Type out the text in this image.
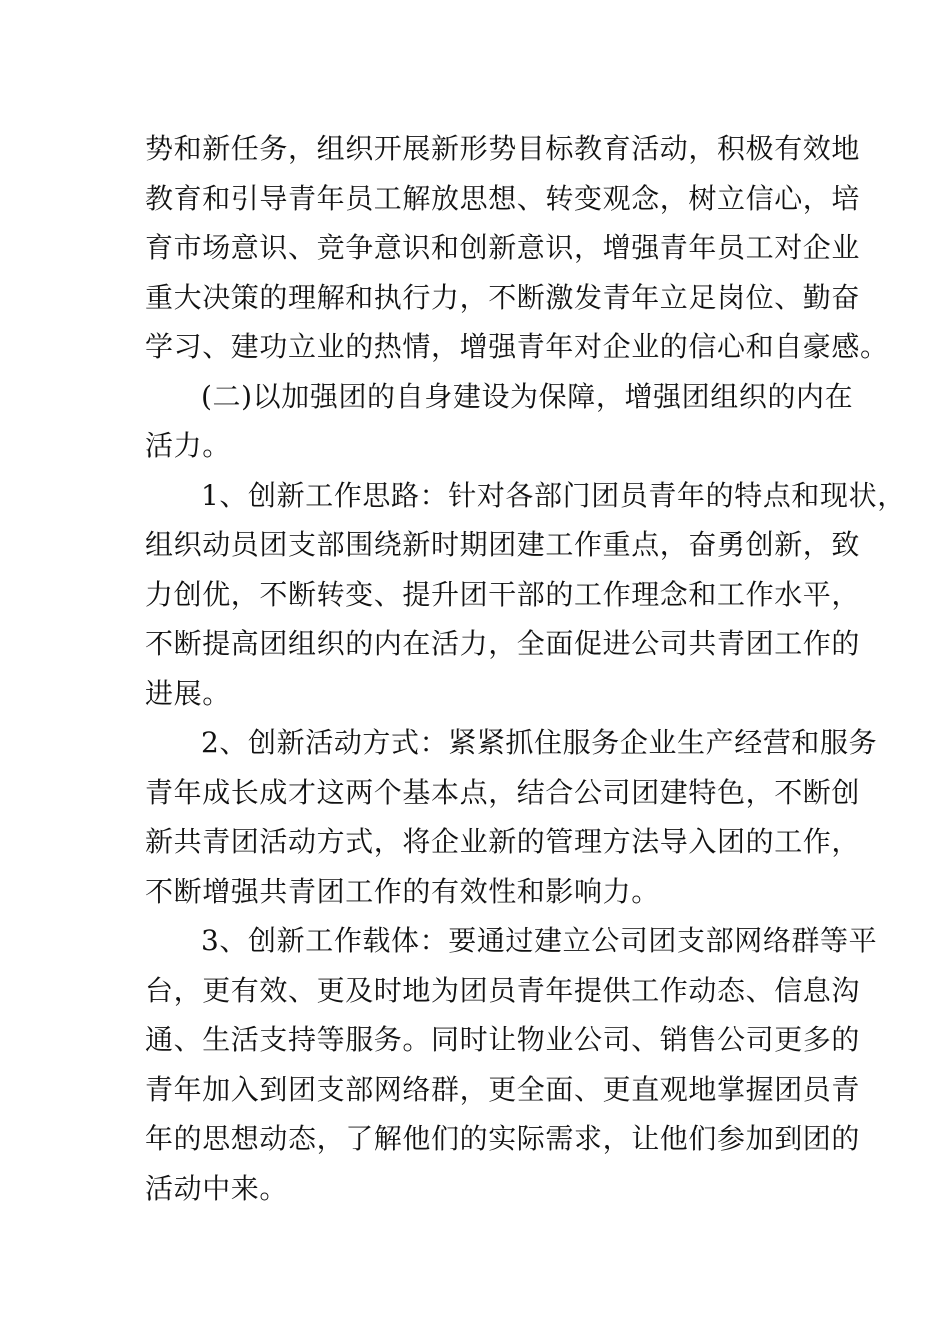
势和新任务，组织开展新形势目标教育活动，积极有效地
教育和引导青年员工解放思想、转变观念，树立信心，培
育市场意识、竞争意识和创新意识，增强青年员工对企业
重大决策的理解和执行力，不断激发青年立足岗位、勤奋
学习、建功立业的热情，增强青年对企业的信心和自豪感。
(二)以加强团的自身建设为保障，增强团组织的内在
活力。
1、创新工作思路：针对各部门团员青年的特点和现状，
组织动员团支部围绕新时期团建工作重点，奋勇创新，致
力创优，不断转变、提升团干部的工作理念和工作水平，
不断提高团组织的内在活力，全面促进公司共青团工作的
进展。
2、创新活动方式：紧紧抓住服务企业生产经营和服务
青年成长成才这两个基本点，结合公司团建特色，不断创
新共青团活动方式，将企业新的管理方法导入团的工作，
不断增强共青团工作的有效性和影响力。
3、创新工作载体：要通过建立公司团支部网络群等平
台，更有效、更及时地为团员青年提供工作动态、信息沟
通、生活支持等服务。同时让物业公司、销售公司更多的
青年加入到团支部网络群，更全面、更直观地掌握团员青
年的思想动态，了解他们的实际需求，让他们参加到团的
活动中来。
